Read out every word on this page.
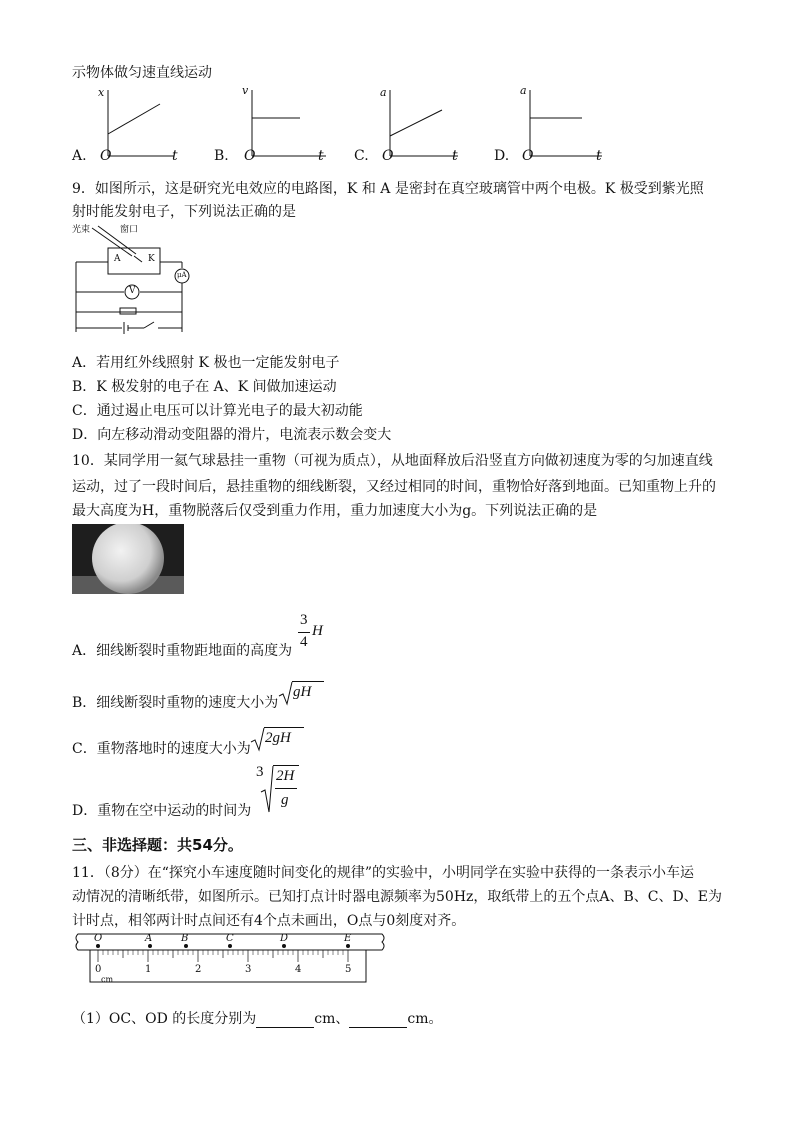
示物体做匀速直线运动
A.
x
O	t	B.
v
O	t C.
a
O	t	D.
a
O	t
9．如图所示，这是研究光电效应的电路图，K 和 A 是密封在真空玻璃管中两个电极。K 极受到紫光照
射时能发射电子，下列说法正确的是
光束	窗口
A	K
μA
V
A．若用红外线照射 K 极也一定能发射电子
B．K 极发射的电子在 A、K 间做加速运动
C．通过遏止电压可以计算光电子的最大初动能
D．向左移动滑动变阻器的滑片，电流表示数会变大
10．某同学用一氦气球悬挂一重物（可视为质点），从地面释放后沿竖直方向做初速度为零的匀加速直线
运动，过了一段时间后，悬挂重物的细线断裂，又经过相同的时间，重物恰好落到地面。已知重物上升的
最大高度为H，重物脱落后仅受到重力作用，重力加速度大小为g。下列说法正确的是
A．细线断裂时重物距地面的高度为
3
4
H
B．细线断裂时重物的速度大小为
gH
C．重物落地时的速度大小为
2gH
D．重物在空中运动的时间为
3 2H
g
三、非选择题：共54分。
11．（8分）在“探究小车速度随时间变化的规律”的实验中，小明同学在实验中获得的一条表示小车运
动情况的清晰纸带，如图所示。已知打点计时器电源频率为50Hz，取纸带上的五个点A、B、C、D、E为
计时点，相邻两计时点间还有4个点未画出，O点与0刻度对齐。
O	A	B	C	D	E
0	1	2	3	4	5
cm
（1）OC、OD 的长度分别为	cm、	cm。
